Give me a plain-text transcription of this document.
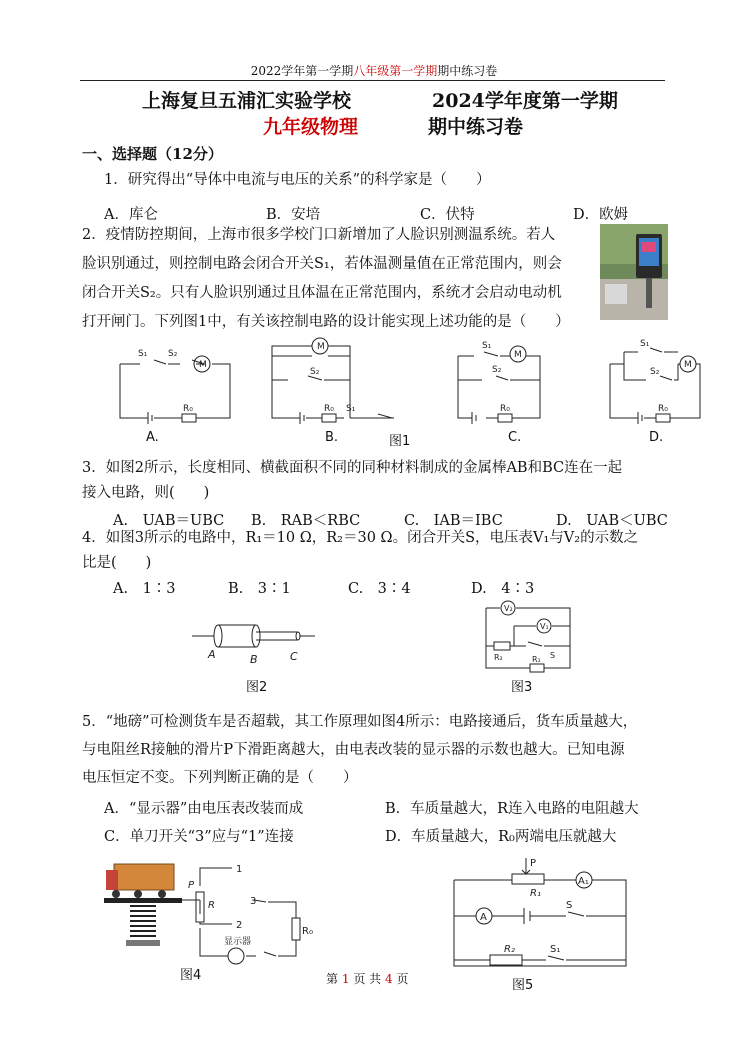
2022学年第一学期八年级第一学期期中练习卷
上海复旦五浦汇实验学校	2024学年度第一学期
九年级物理	期中练习卷
一、选择题（12分）
1．研究得出“导体中电流与电压的关系”的科学家是（　　）
A．库仑	B．安培	C．伏特	D．欧姆
2．疫情防控期间，上海市很多学校门口新增加了人脸识别测温系统。若人
脸识别通过，则控制电路会闭合开关S₁，若体温测量值在正常范围内，则会
闭合开关S₂。只有人脸识别通过且体温在正常范围内，系统才会启动电动机
打开闸门。下列图1中，有关该控制电路的设计能实现上述功能的是（　　）
S₁ S₂
M
R₀
M
S₂
R₀ S₁
S₁
M
S₂
R₀
S₁
S₂
M
R₀
A.	B.	图1	C.	D.
3．如图2所示，长度相同、横截面积不同的同种材料制成的金属棒AB和BC连在一起
接入电路，则(　　)
A.　UAB＝UBC B.　RAB＜RBC	C.　IAB＝IBC	D.　UAB＜UBC
4．如图3所示的电路中，R₁＝10 Ω，R₂＝30 Ω。闭合开关S，电压表V₁与V₂的示数之
比是(　　)
A.　1∶3	B.　3∶1	C.　3∶4	D.　4∶3
A	B	C
图2
V₂
V₁
R₂	S
R₁
图3
5．“地磅”可检测货车是否超载，其工作原理如图4所示：电路接通后，货车质量越大，
与电阻丝R接触的滑片P下滑距离越大，由电表改装的显示器的示数也越大。已知电源
电压恒定不变。下列判断正确的是（　　）
A．“显示器”由电压表改装而成	B．车质量越大，R连入电路的电阻越大
C．单刀开关“3”应与“1”连接	D．车质量越大，R₀两端电压就越大
P
R
1
3
2
R₀
显示器
图4
P
R₁
A₁
A
S
R₂	S₁
图5
第 1 页 共 4 页
